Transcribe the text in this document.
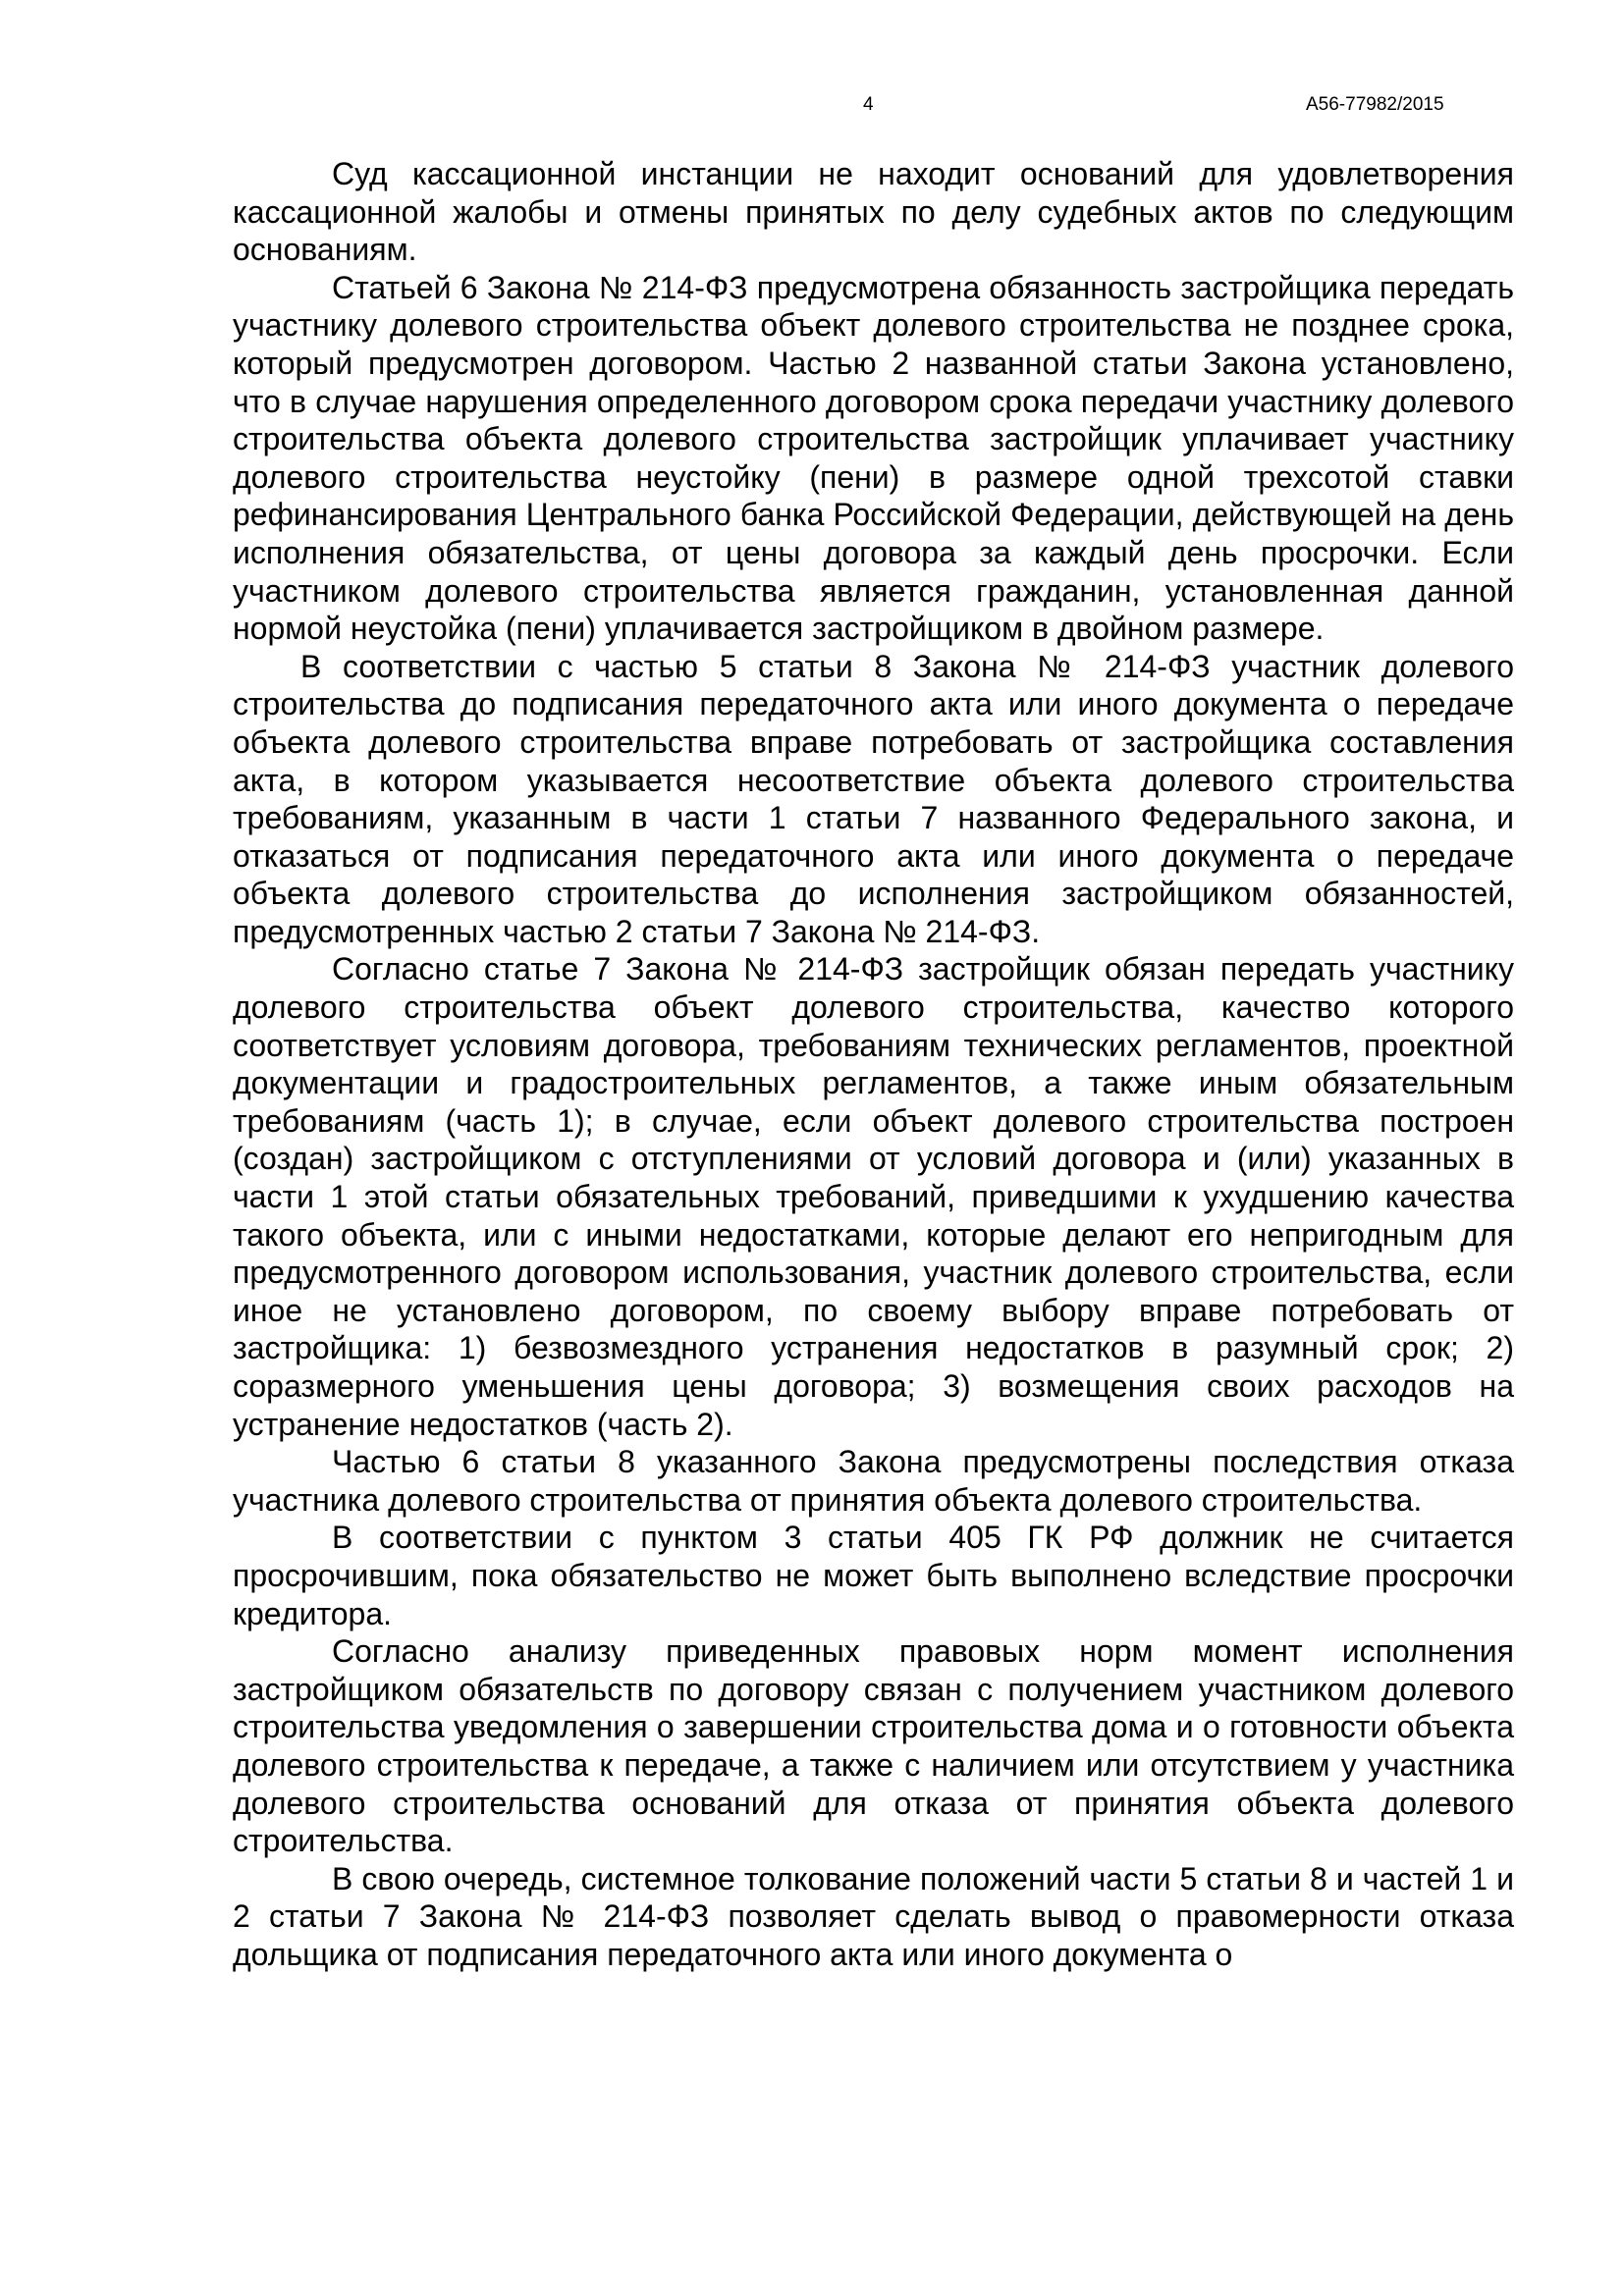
4	А56-77982/2015

Суд кассационной инстанции не находит оснований для удовлетворения кассационной жалобы и отмены принятых по делу судебных актов по следующим основаниям.

Статьей 6 Закона № 214-ФЗ предусмотрена обязанность застройщика передать участнику долевого строительства объект долевого строительства не позднее срока, который предусмотрен договором. Частью 2 названной статьи Закона установлено, что в случае нарушения определенного договором срока передачи участнику долевого строительства объекта долевого строительства застройщик уплачивает участнику долевого строительства неустойку (пени) в размере одной трехсотой ставки рефинансирования Центрального банка Российской Федерации, действующей на день исполнения обязательства, от цены договора за каждый день просрочки. Если участником долевого строительства является гражданин, установленная данной нормой неустойка (пени) уплачивается застройщиком в двойном размере.

В соответствии с частью 5 статьи 8 Закона № 214-ФЗ участник долевого строительства до подписания передаточного акта или иного документа о передаче объекта долевого строительства вправе потребовать от застройщика составления акта, в котором указывается несоответствие объекта долевого строительства требованиям, указанным в части 1 статьи 7 названного Федерального закона, и отказаться от подписания передаточного акта или иного документа о передаче объекта долевого строительства до исполнения застройщиком обязанностей, предусмотренных частью 2 статьи 7 Закона № 214-ФЗ.

Согласно статье 7 Закона № 214-ФЗ застройщик обязан передать участнику долевого строительства объект долевого строительства, качество которого соответствует условиям договора, требованиям технических регламентов, проектной документации и градостроительных регламентов, а также иным обязательным требованиям (часть 1); в случае, если объект долевого строительства построен (создан) застройщиком с отступлениями от условий договора и (или) указанных в части 1 этой статьи обязательных требований, приведшими к ухудшению качества такого объекта, или с иными недостатками, которые делают его непригодным для предусмотренного договором использования, участник долевого строительства, если иное не установлено договором, по своему выбору вправе потребовать от застройщика: 1) безвозмездного устранения недостатков в разумный срок; 2) соразмерного уменьшения цены договора; 3) возмещения своих расходов на устранение недостатков (часть 2).

Частью 6 статьи 8 указанного Закона предусмотрены последствия отказа участника долевого строительства от принятия объекта долевого строительства.

В соответствии с пунктом 3 статьи 405 ГК РФ должник не считается просрочившим, пока обязательство не может быть выполнено вследствие просрочки кредитора.

Согласно анализу приведенных правовых норм момент исполнения застройщиком обязательств по договору связан с получением участником долевого строительства уведомления о завершении строительства дома и о готовности объекта долевого строительства к передаче, а также с наличием или отсутствием у участника долевого строительства оснований для отказа от принятия объекта долевого строительства.

В свою очередь, системное толкование положений части 5 статьи 8 и частей 1 и 2 статьи 7 Закона № 214-ФЗ позволяет сделать вывод о правомерности отказа дольщика от подписания передаточного акта или иного документа о
